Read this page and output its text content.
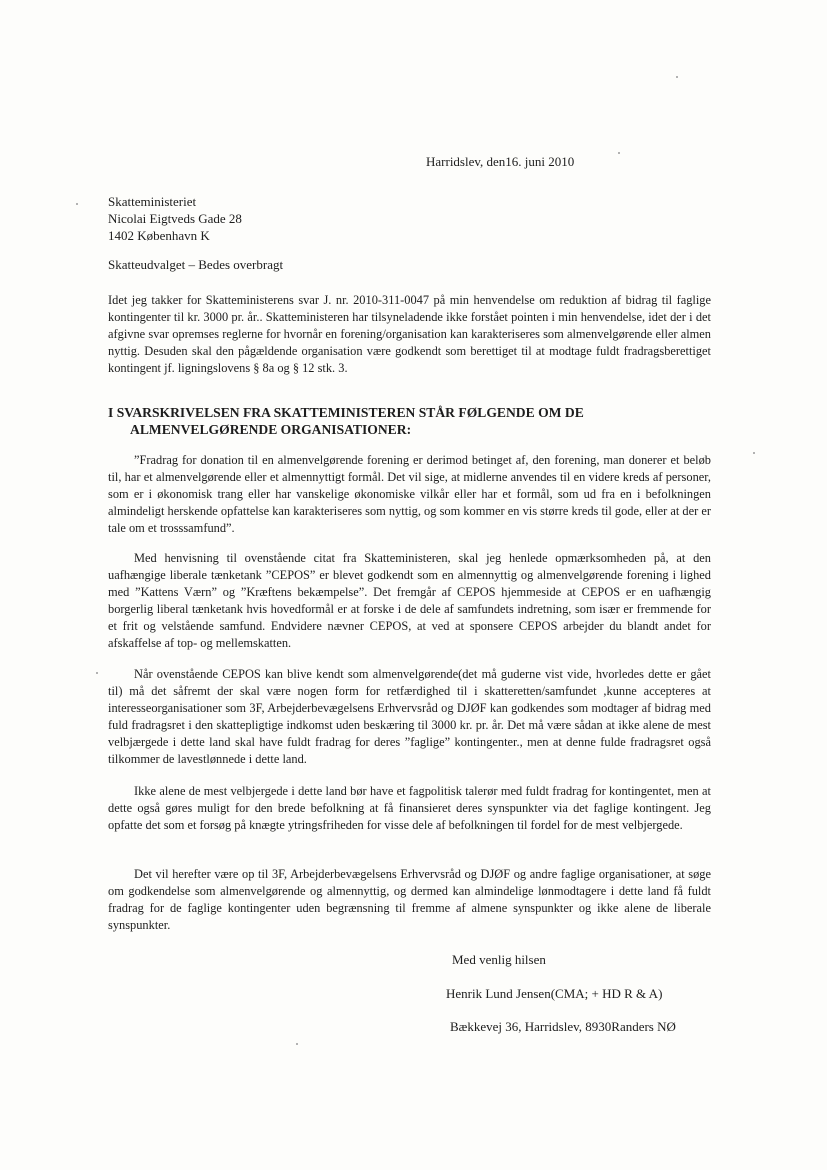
Harridslev, den16. juni 2010
Skatteministeriet
Nicolai Eigtveds Gade 28
1402 København K
Skatteudvalget – Bedes overbragt

Idet jeg takker for Skatteministerens svar J. nr. 2010-311-0047 på min henvendelse om reduktion af bidrag til faglige kontingenter til kr. 3000 pr. år.. Skatteministeren har tilsyneladende ikke forstået pointen i min henvendelse, idet der i det afgivne svar opremses reglerne for hvornår en forening/organisation kan karakteriseres som almenvelgørende eller almen nyttig. Desuden skal den pågældende organisation være godkendt som berettiget til at modtage fuldt fradragsberettiget kontingent jf. ligningslovens § 8a og § 12 stk. 3.

I SVARSKRIVELSEN FRA SKATTEMINISTEREN STÅR FØLGENDE OM DE
ALMENVELGØRENDE ORGANISATIONER:

”Fradrag for donation til en almenvelgørende forening er derimod betinget af, den forening, man donerer et beløb til, har et almenvelgørende eller et almennyttigt formål. Det vil sige, at midlerne anvendes til en videre kreds af personer, som er i økonomisk trang eller har vanskelige økonomiske vilkår eller har et formål, som ud fra en i befolkningen almindeligt herskende opfattelse kan karakteriseres som nyttig, og som kommer en vis større kreds til gode, eller at der er tale om et trosssamfund”.

Med henvisning til ovenstående citat fra Skatteministeren, skal jeg henlede opmærksomheden på, at den uafhængige liberale tænketank ”CEPOS” er blevet godkendt som en almennyttig og almenvelgørende forening i lighed med ”Kattens Værn” og ”Kræftens bekæmpelse”. Det fremgår af CEPOS hjemmeside at CEPOS er en uafhængig borgerlig liberal tænketank hvis hovedformål er at forske i de dele af samfundets indretning, som især er fremmende for et frit og velstående samfund. Endvidere nævner CEPOS, at ved at sponsere CEPOS arbejder du blandt andet for afskaffelse af top- og mellemskatten.

Når ovenstående CEPOS kan blive kendt som almenvelgørende(det må guderne vist vide, hvorledes dette er gået til) må det såfremt der skal være nogen form for retfærdighed til i skatteretten/samfundet ,kunne accepteres at interesseorganisationer som 3F, Arbejderbevægelsens Erhvervsråd og DJØF kan godkendes som modtager af bidrag med fuld fradragsret i den skattepligtige indkomst uden beskæring til 3000 kr. pr. år. Det må være sådan at ikke alene de mest velbjærgede i dette land skal have fuldt fradrag for deres ”faglige” kontingenter., men at denne fulde fradragsret også tilkommer de lavestlønnede i dette land.

Ikke alene de mest velbjergede i dette land bør have et fagpolitisk talerør med fuldt fradrag for kontingentet, men at dette også gøres muligt for den brede befolkning at få finansieret deres synspunkter via det faglige kontingent. Jeg opfatte det som et forsøg på knægte ytringsfriheden for visse dele af befolkningen til fordel for de mest velbjergede.

Det vil herefter være op til 3F, Arbejderbevægelsens Erhvervsråd og DJØF og andre faglige organisationer, at søge om godkendelse som almenvelgørende og almennyttig, og dermed kan almindelige lønmodtagere i dette land få fuldt fradrag for de faglige kontingenter uden begrænsning til fremme af almene synspunkter og ikke alene de liberale synspunkter.

Med venlig hilsen
Henrik Lund Jensen(CMA; + HD R & A)
Bækkevej 36, Harridslev, 8930Randers NØ
